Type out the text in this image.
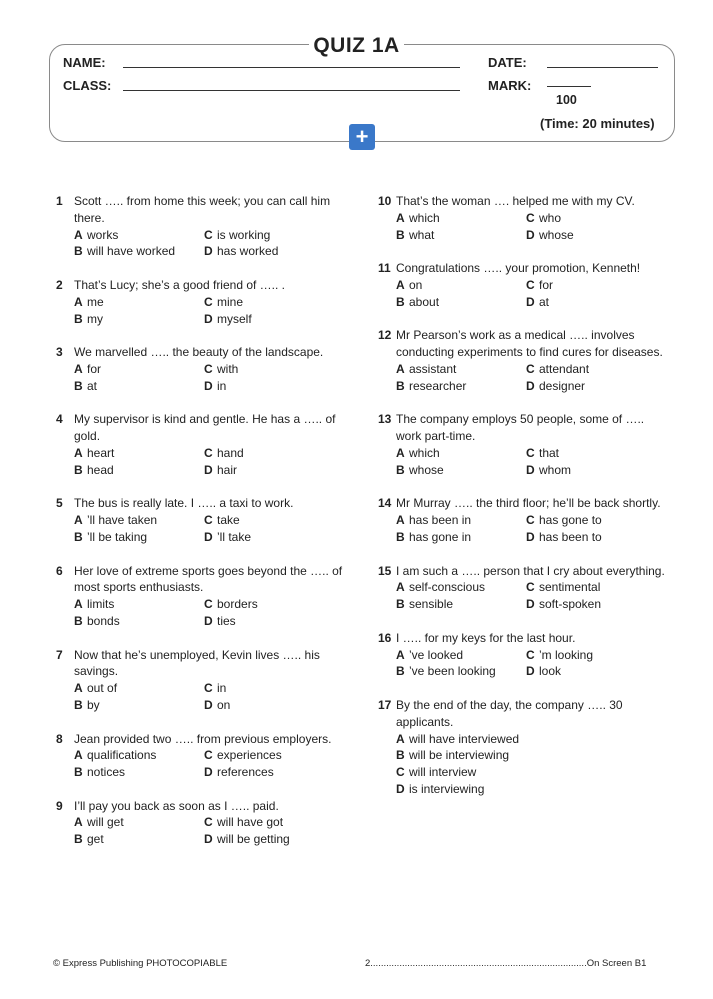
QUIZ 1A
NAME:
CLASS:
DATE:
MARK:
100
(Time: 20 minutes)
+
1 Scott ….. from home this week; you can call him there.
A works	C is working
B will have worked	D has worked
2 That’s Lucy; she’s a good friend of ….. .
A me	C mine
B my	D myself
3 We marvelled ….. the beauty of the landscape.
A for	C with
B at	D in
4 My supervisor is kind and gentle. He has a ….. of gold.
A heart	C hand
B head	D hair
5 The bus is really late. I ….. a taxi to work.
A ’ll have taken	C take
B ’ll be taking	D ’ll take
6 Her love of extreme sports goes beyond the ….. of most sports enthusiasts.
A limits	C borders
B bonds	D ties
7 Now that he’s unemployed, Kevin lives ….. his savings.
A out of	C in
B by	D on
8 Jean provided two ….. from previous employers.
A qualifications	C experiences
B notices	D references
9 I’ll pay you back as soon as I ….. paid.
A will get	C will have got
B get	D will be getting
10 That’s the woman …. helped me with my CV.
A which	C who
B what	D whose
11 Congratulations ….. your promotion, Kenneth!
A on	C for
B about	D at
12 Mr Pearson’s work as a medical ….. involves conducting experiments to find cures for diseases.
A assistant	C attendant
B researcher	D designer
13 The company employs 50 people, some of ….. work part-time.
A which	C that
B whose	D whom
14 Mr Murray ….. the third floor; he’ll be back shortly.
A has been in	C has gone to
B has gone in	D has been to
15 I am such a ….. person that I cry about everything.
A self-conscious	C sentimental
B sensible	D soft-spoken
16 I ….. for my keys for the last hour.
A ’ve looked	C ’m looking
B ’ve been looking	D look
17 By the end of the day, the company ….. 30 applicants.
A will have interviewed
B will be interviewing
C will interview
D is interviewing
© Express Publishing PHOTOCOPIABLE	2..................................................................................On Screen B1
